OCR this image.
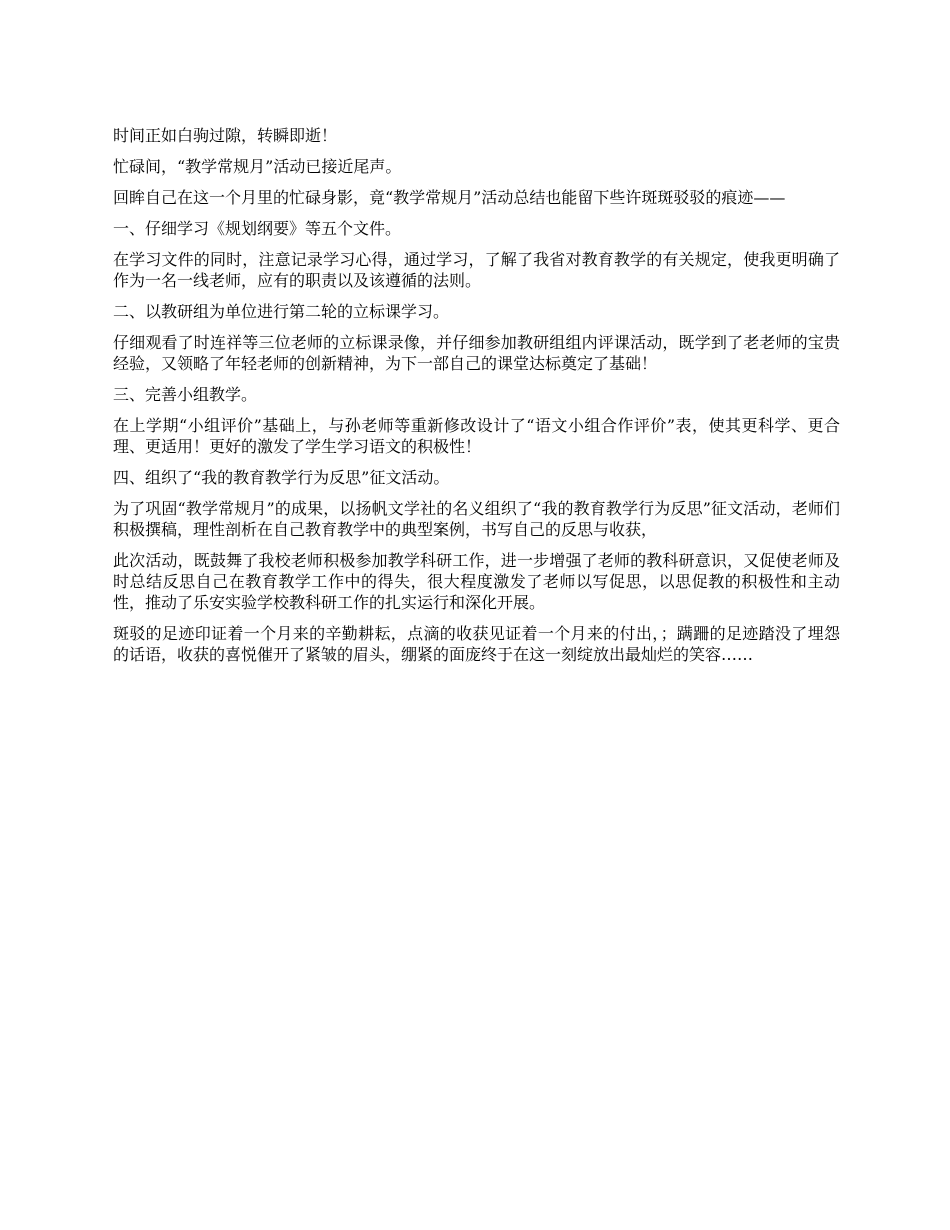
时间正如白驹过隙，转瞬即逝！

忙碌间，“教学常规月”活动已接近尾声。

回眸自己在这一个月里的忙碌身影，竟“教学常规月”活动总结也能留下些许斑斑驳驳的痕迹——

一、仔细学习《规划纲要》等五个文件。

在学习文件的同时，注意记录学习心得，通过学习，了解了我省对教育教学的有关规定，使我更明确了作为一名一线老师，应有的职责以及该遵循的法则。

二、以教研组为单位进行第二轮的立标课学习。

仔细观看了时连祥等三位老师的立标课录像，并仔细参加教研组组内评课活动，既学到了老老师的宝贵经验，又领略了年轻老师的创新精神，为下一部自己的课堂达标奠定了基础！

三、完善小组教学。

在上学期“小组评价”基础上，与孙老师等重新修改设计了“语文小组合作评价”表，使其更科学、更合理、更适用！更好的激发了学生学习语文的积极性！

四、组织了“我的教育教学行为反思”征文活动。

为了巩固“教学常规月”的成果，以扬帆文学社的名义组织了“我的教育教学行为反思”征文活动，老师们积极撰稿，理性剖析在自己教育教学中的典型案例，书写自己的反思与收获，

此次活动，既鼓舞了我校老师积极参加教学科研工作，进一步增强了老师的教科研意识，又促使老师及时总结反思自己在教育教学工作中的得失，很大程度激发了老师以写促思，以思促教的积极性和主动性，推动了乐安实验学校教科研工作的扎实运行和深化开展。

斑驳的足迹印证着一个月来的辛勤耕耘，点滴的收获见证着一个月来的付出，；蹒跚的足迹踏没了埋怨的话语，收获的喜悦催开了紧皱的眉头，绷紧的面庞终于在这一刻绽放出最灿烂的笑容……
